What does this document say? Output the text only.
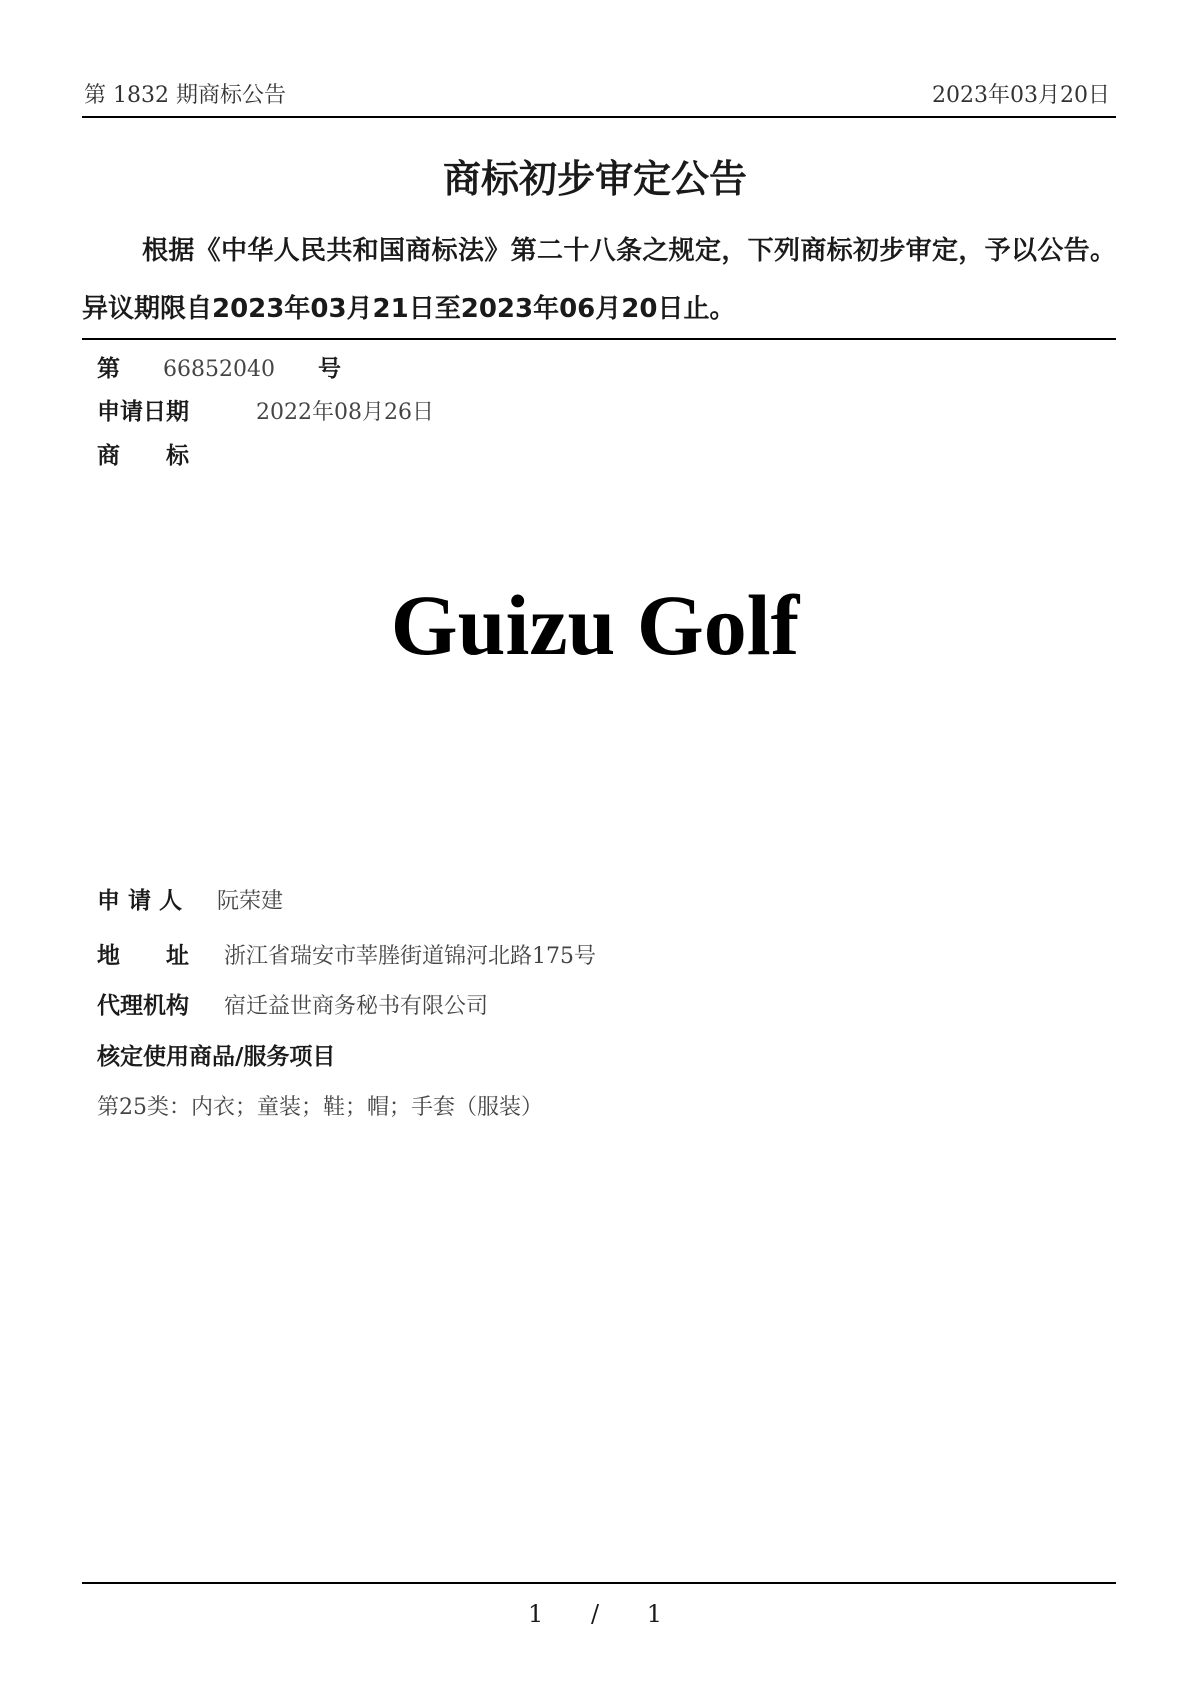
第 1832 期商标公告	2023年03月20日
商标初步审定公告
根据《中华人民共和国商标法》第二十八条之规定，下列商标初步审定，予以公告。异议期限自2023年03月21日至2023年06月20日止。
第 66852040 号
申请日期	2022年08月26日
商　　标
Guizu Golf
申 请 人 阮荣建
地　　址 浙江省瑞安市莘塍街道锦河北路175号
代理机构 宿迁益世商务秘书有限公司
核定使用商品/服务项目
第25类：内衣；童装；鞋；帽；手套（服装）
1 / 1
